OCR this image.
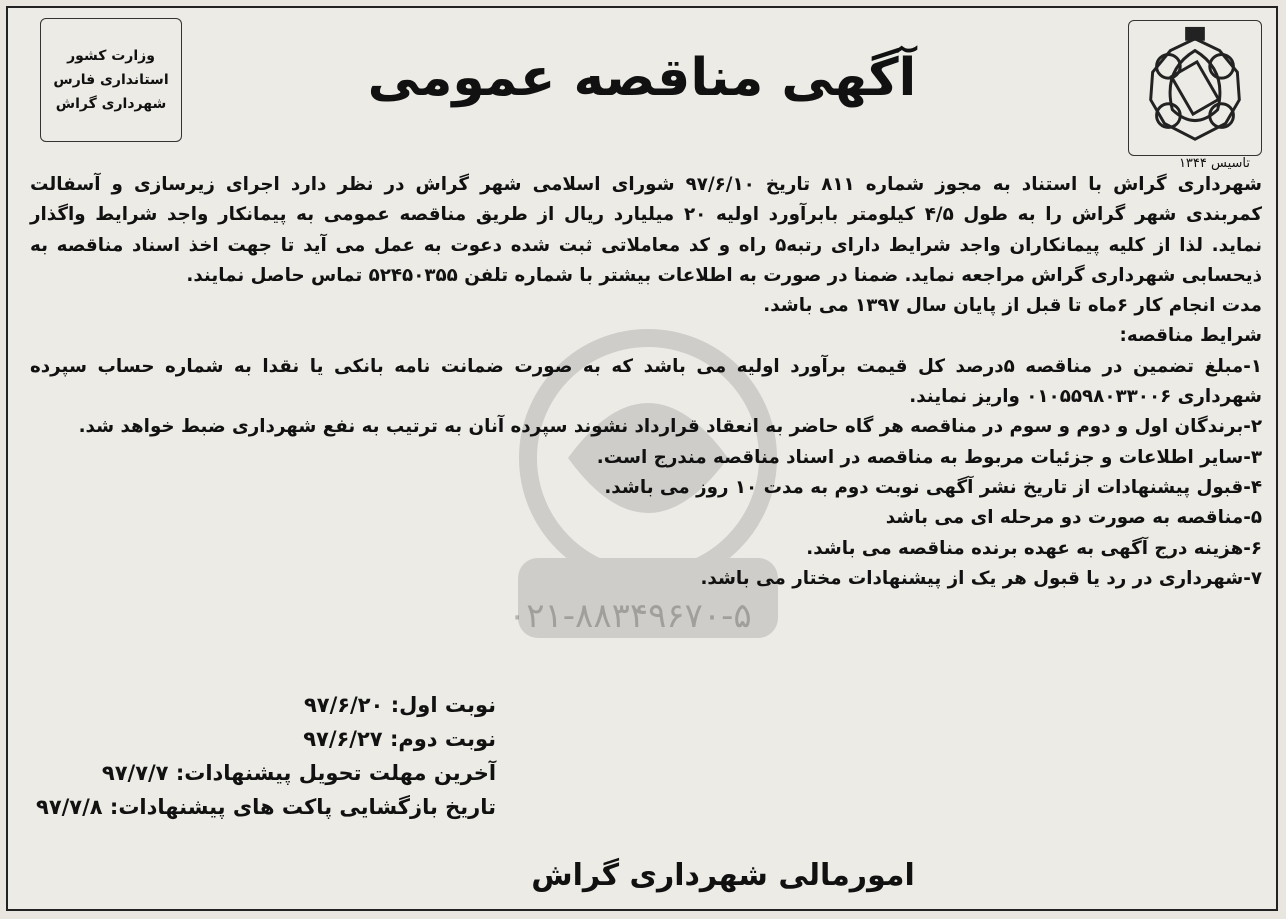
۰۲۱-۸۸۳۴۹۶۷۰-۵
تاسیس ۱۳۴۴
وزارت کشور
استانداری فارس
شهرداری گراش	آگهی مناقصه عمومی

شهرداری گراش با استناد به مجوز شماره ۸۱۱ تاریخ ۹۷/۶/۱۰ شورای اسلامی شهر گراش در نظر دارد اجرای زیرسازی و آسفالت

کمربندی شهر گراش را به طول ۴/۵ کیلومتر بابرآورد اولیه ۲۰ میلیارد ریال از طریق مناقصه عمومی به پیمانکار واجد شرایط واگذار

نماید. لذا از کلیه پیمانکاران واجد شرایط دارای رتبه۵ راه و کد معاملاتی ثبت شده دعوت به عمل می آید تا جهت اخذ اسناد مناقصه به

ذیحسابی شهرداری گراش مراجعه نماید. ضمنا در صورت به اطلاعات بیشتر با شماره تلفن ۵۲۴۵۰۳۵۵ تماس حاصل نمایند.

مدت انجام کار ۶ماه تا قبل از پایان سال ۱۳۹۷ می باشد.

شرایط مناقصه:

۱-مبلغ تضمین در مناقصه ۵درصد کل قیمت برآورد اولیه می باشد که به صورت ضمانت نامه بانکی یا نقدا به شماره حساب سپرده

شهرداری ۰۱۰۵۵۹۸۰۳۳۰۰۶ واریز نمایند.

۲-برندگان اول و دوم و سوم در مناقصه هر گاه حاضر به انعقاد قرارداد نشوند سپرده آنان به ترتیب به نفع شهرداری ضبط خواهد شد.

۳-سایر اطلاعات و جزئیات مربوط به مناقصه در اسناد مناقصه مندرج است.

۴-قبول پیشنهادات از تاریخ نشر آگهی نوبت دوم به مدت ۱۰ روز می باشد.

۵-مناقصه به صورت دو مرحله ای می باشد

۶-هزینه درج آگهی به عهده برنده مناقصه می باشد.

۷-شهرداری در رد یا قبول هر یک از پیشنهادات مختار می باشد.

نوبت اول: ۹۷/۶/۲۰
نوبت دوم: ۹۷/۶/۲۷
آخرین مهلت تحویل پیشنهادات: ۹۷/۷/۷
تاریخ بازگشایی پاکت های پیشنهادات: ۹۷/۷/۸
امورمالی شهرداری گراش
